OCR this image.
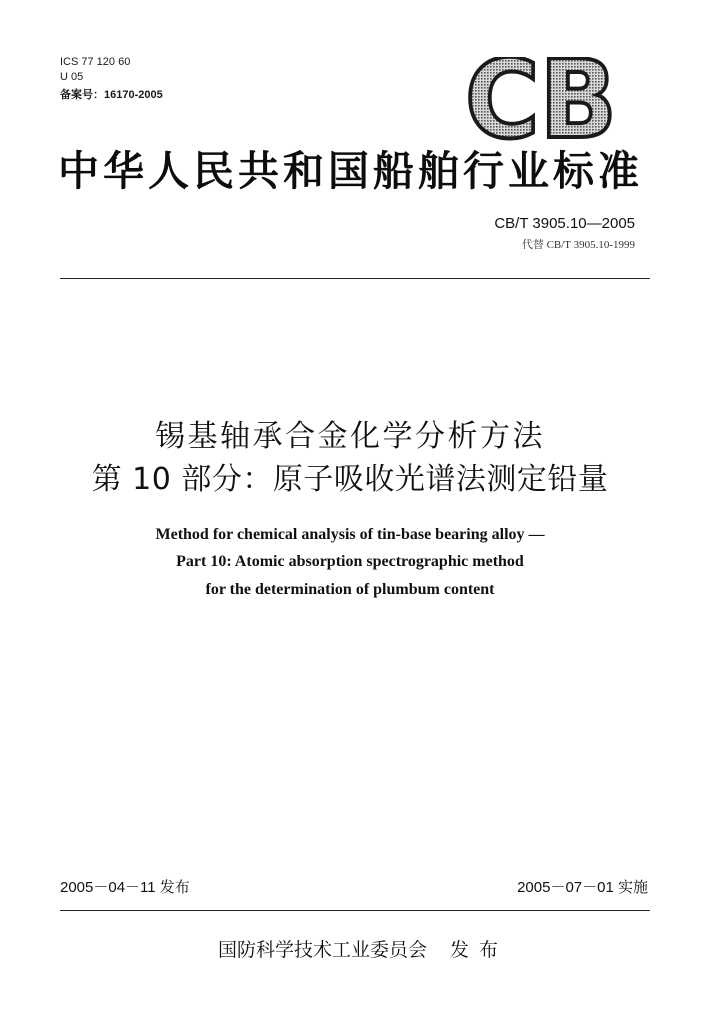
ICS 77 120 60
U 05
备案号：16170-2005	CB
中华人民共和国船舶行业标准
CB/T 3905.10—2005
代替 CB/T 3905.10-1999
锡基轴承合金化学分析方法
第 10 部分：原子吸收光谱法测定铅量
Method for chemical analysis of tin-base bearing alloy —
Part 10: Atomic absorption spectrographic method
for the determination of plumbum content
2005－04－11 发布	2005－07－01 实施
国防科学技术工业委员会 发 布
